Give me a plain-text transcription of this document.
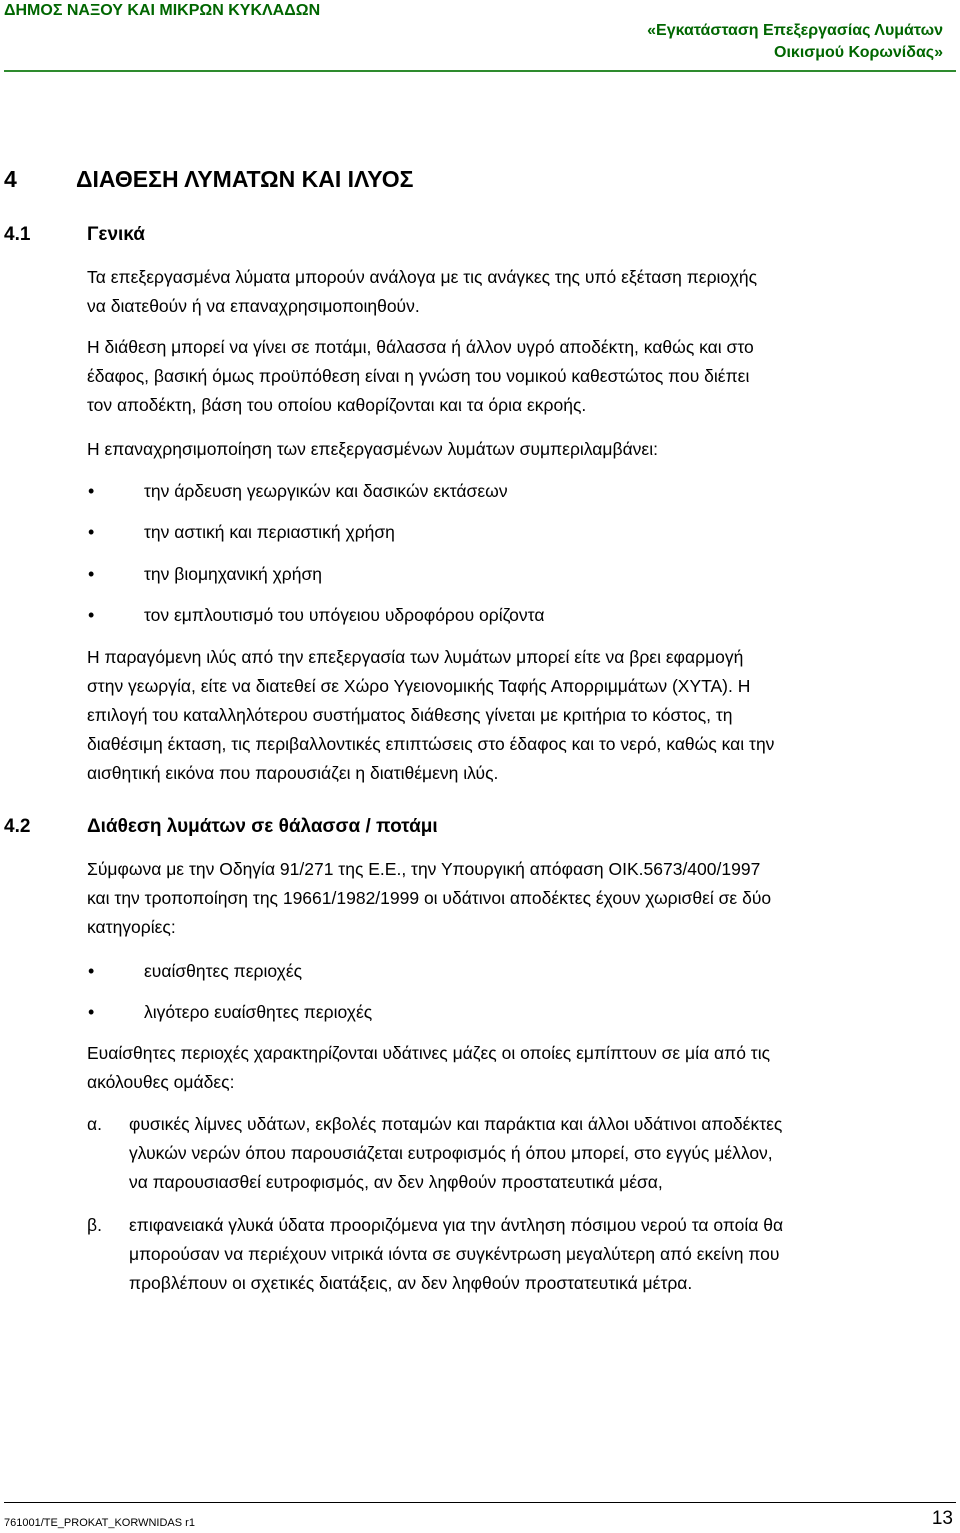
ΔΗΜΟΣ ΝΑΞΟΥ ΚΑΙ ΜΙΚΡΩΝ ΚΥΚΛΑΔΩΝ
«Εγκατάσταση Επεξεργασίας Λυμάτων
Οικισμού Κορωνίδας»
4	ΔΙΑΘΕΣΗ ΛΥΜΑΤΩΝ ΚΑΙ ΙΛΥΟΣ
4.1	Γενικά
Τα επεξεργασμένα λύματα μπορούν ανάλογα με τις ανάγκες της υπό εξέταση περιοχής
να διατεθούν ή να επαναχρησιμοποιηθούν.
Η διάθεση μπορεί να γίνει σε ποτάμι, θάλασσα ή άλλον υγρό αποδέκτη, καθώς και στο
έδαφος, βασική όμως προϋπόθεση είναι η γνώση του νομικού καθεστώτος που διέπει
τον αποδέκτη, βάση του οποίου καθορίζονται και τα όρια εκροής.
Η επαναχρησιμοποίηση των επεξεργασμένων λυμάτων συμπεριλαμβάνει:
•	την άρδευση γεωργικών και δασικών εκτάσεων
•	την αστική και περιαστική χρήση
•	την βιομηχανική χρήση
•	τον εμπλουτισμό του υπόγειου υδροφόρου ορίζοντα
Η παραγόμενη ιλύς από την επεξεργασία των λυμάτων μπορεί είτε να βρει εφαρμογή
στην γεωργία, είτε να διατεθεί σε Χώρο Υγειονομικής Ταφής Απορριμμάτων (ΧΥΤΑ). Η
επιλογή του καταλληλότερου συστήματος διάθεσης γίνεται με κριτήρια το κόστος, τη
διαθέσιμη έκταση, τις περιβαλλοντικές επιπτώσεις στο έδαφος και το νερό, καθώς και την
αισθητική εικόνα που παρουσιάζει η διατιθέμενη ιλύς.
4.2	Διάθεση λυμάτων σε θάλασσα / ποτάμι
Σύμφωνα με την Οδηγία 91/271 της Ε.Ε., την Υπουργική απόφαση ΟΙΚ.5673/400/1997
και την τροποποίηση της 19661/1982/1999 οι υδάτινοι αποδέκτες έχουν χωρισθεί σε δύο
κατηγορίες:
•	ευαίσθητες περιοχές
•	λιγότερο ευαίσθητες περιοχές
Ευαίσθητες περιοχές χαρακτηρίζονται υδάτινες μάζες οι οποίες εμπίπτουν σε μία από τις
ακόλουθες ομάδες:
α. φυσικές λίμνες υδάτων, εκβολές ποταμών και παράκτια και άλλοι υδάτινοι αποδέκτες
γλυκών νερών όπου παρουσιάζεται ευτροφισμός ή όπου μπορεί, στο εγγύς μέλλον,
να παρουσιασθεί ευτροφισμός, αν δεν ληφθούν προστατευτικά μέσα,
β. επιφανειακά γλυκά ύδατα προοριζόμενα για την άντληση πόσιμου νερού τα οποία θα
μπορούσαν να περιέχουν νιτρικά ιόντα σε συγκέντρωση μεγαλύτερη από εκείνη που
προβλέπουν οι σχετικές διατάξεις, αν δεν ληφθούν προστατευτικά μέτρα.
761001/TE_PROKAT_KORWNIDAS r1	13
